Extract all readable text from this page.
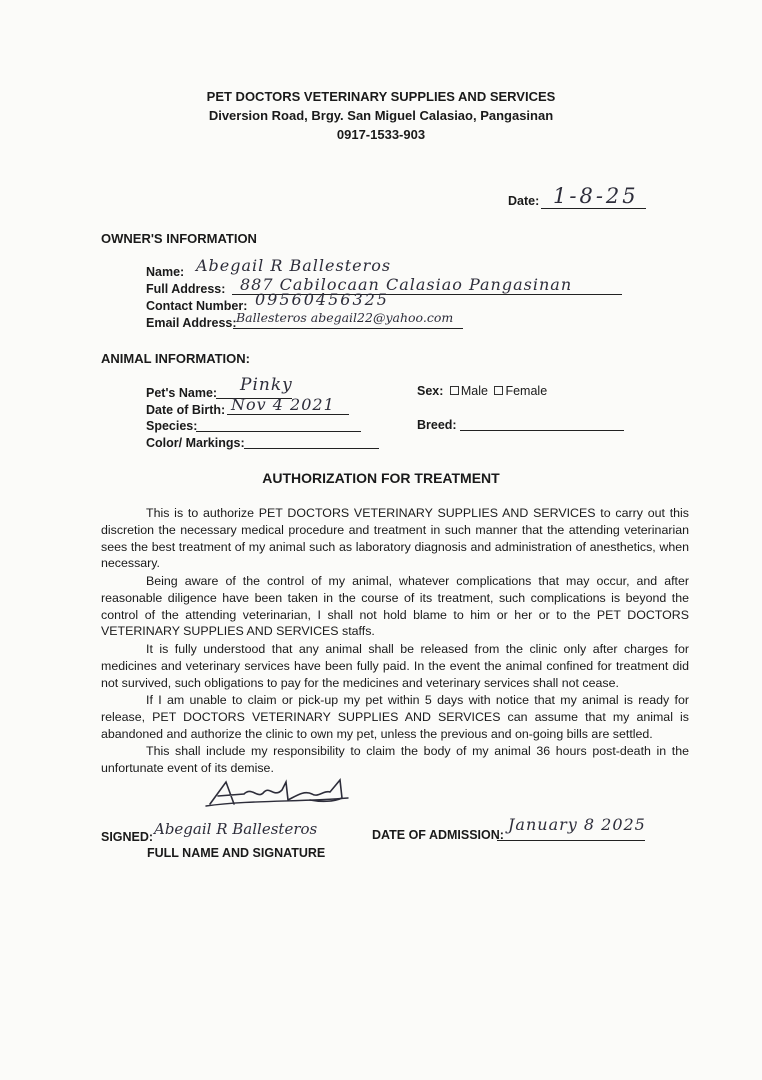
PET DOCTORS VETERINARY SUPPLIES AND SERVICES
Diversion Road, Brgy. San Miguel Calasiao, Pangasinan
0917-1533-903
Date: 1-8-25
OWNER'S INFORMATION
Name: Abegail R Ballesteros
Full Address: 887 Cabilocaan Calasiao Pangasinan
Contact Number: 09560456325
Email Address: Ballesteros abegail22@yahoo.com
ANIMAL INFORMATION:
Pet's Name: Pinky
Date of Birth: Nov 4 2021
Species:
Color/ Markings:
Sex: Male Female
Breed:
AUTHORIZATION FOR TREATMENT

This is to authorize PET DOCTORS VETERINARY SUPPLIES AND SERVICES to carry out this discretion the necessary medical procedure and treatment in such manner that the attending veterinarian sees the best treatment of my animal such as laboratory diagnosis and administration of anesthetics, when necessary.

Being aware of the control of my animal, whatever complications that may occur, and after reasonable diligence have been taken in the course of its treatment, such complications is beyond the control of the attending veterinarian, I shall not hold blame to him or her or to the PET DOCTORS VETERINARY SUPPLIES AND SERVICES staffs.

It is fully understood that any animal shall be released from the clinic only after charges for medicines and veterinary services have been fully paid. In the event the animal confined for treatment did not survived, such obligations to pay for the medicines and veterinary services shall not cease.

If I am unable to claim or pick-up my pet within 5 days with notice that my animal is ready for release, PET DOCTORS VETERINARY SUPPLIES AND SERVICES can assume that my animal is abandoned and authorize the clinic to own my pet, unless the previous and on-going bills are settled.

This shall include my responsibility to claim the body of my animal 36 hours post-death in the unfortunate event of its demise.

SIGNED: Abegail R Ballesteros
FULL NAME AND SIGNATURE
DATE OF ADMISSION:
January 8 2025
